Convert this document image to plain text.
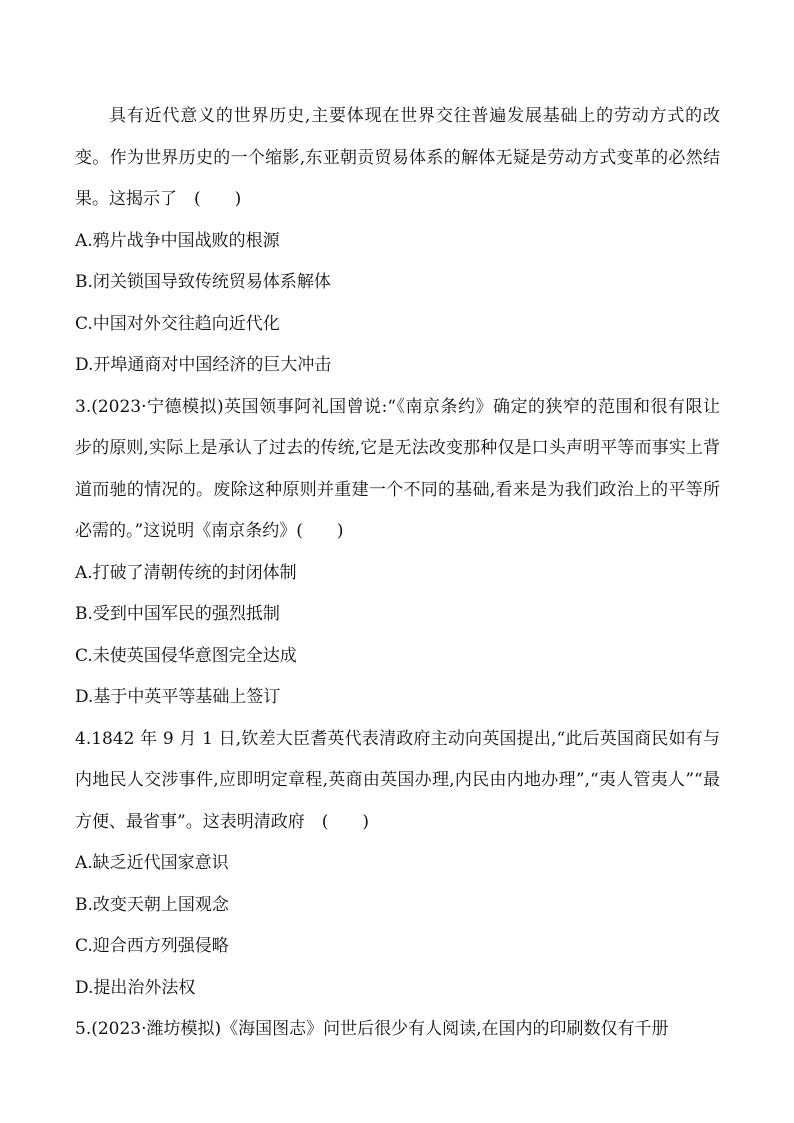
具有近代意义的世界历史,主要体现在世界交往普遍发展基础上的劳动方式的改变。作为世界历史的一个缩影,东亚朝贡贸易体系的解体无疑是劳动方式变革的必然结果。这揭示了　(　　)

A.鸦片战争中国战败的根源

B.闭关锁国导致传统贸易体系解体

C.中国对外交往趋向近代化

D.开埠通商对中国经济的巨大冲击

3.(2023·宁德模拟)英国领事阿礼国曾说:“《南京条约》确定的狭窄的范围和很有限让步的原则,实际上是承认了过去的传统,它是无法改变那种仅是口头声明平等而事实上背道而驰的情况的。废除这种原则并重建一个不同的基础,看来是为我们政治上的平等所必需的。”这说明《南京条约》(　　)

A.打破了清朝传统的封闭体制

B.受到中国军民的强烈抵制

C.未使英国侵华意图完全达成

D.基于中英平等基础上签订

4.1842 年 9 月 1 日,钦差大臣耆英代表清政府主动向英国提出,“此后英国商民如有与内地民人交涉事件,应即明定章程,英商由英国办理,内民由内地办理”,“夷人管夷人”“最方便、最省事”。这表明清政府　(　　)

A.缺乏近代国家意识

B.改变天朝上国观念

C.迎合西方列强侵略

D.提出治外法权

5.(2023·潍坊模拟)《海国图志》问世后很少有人阅读,在国内的印刷数仅有千册
